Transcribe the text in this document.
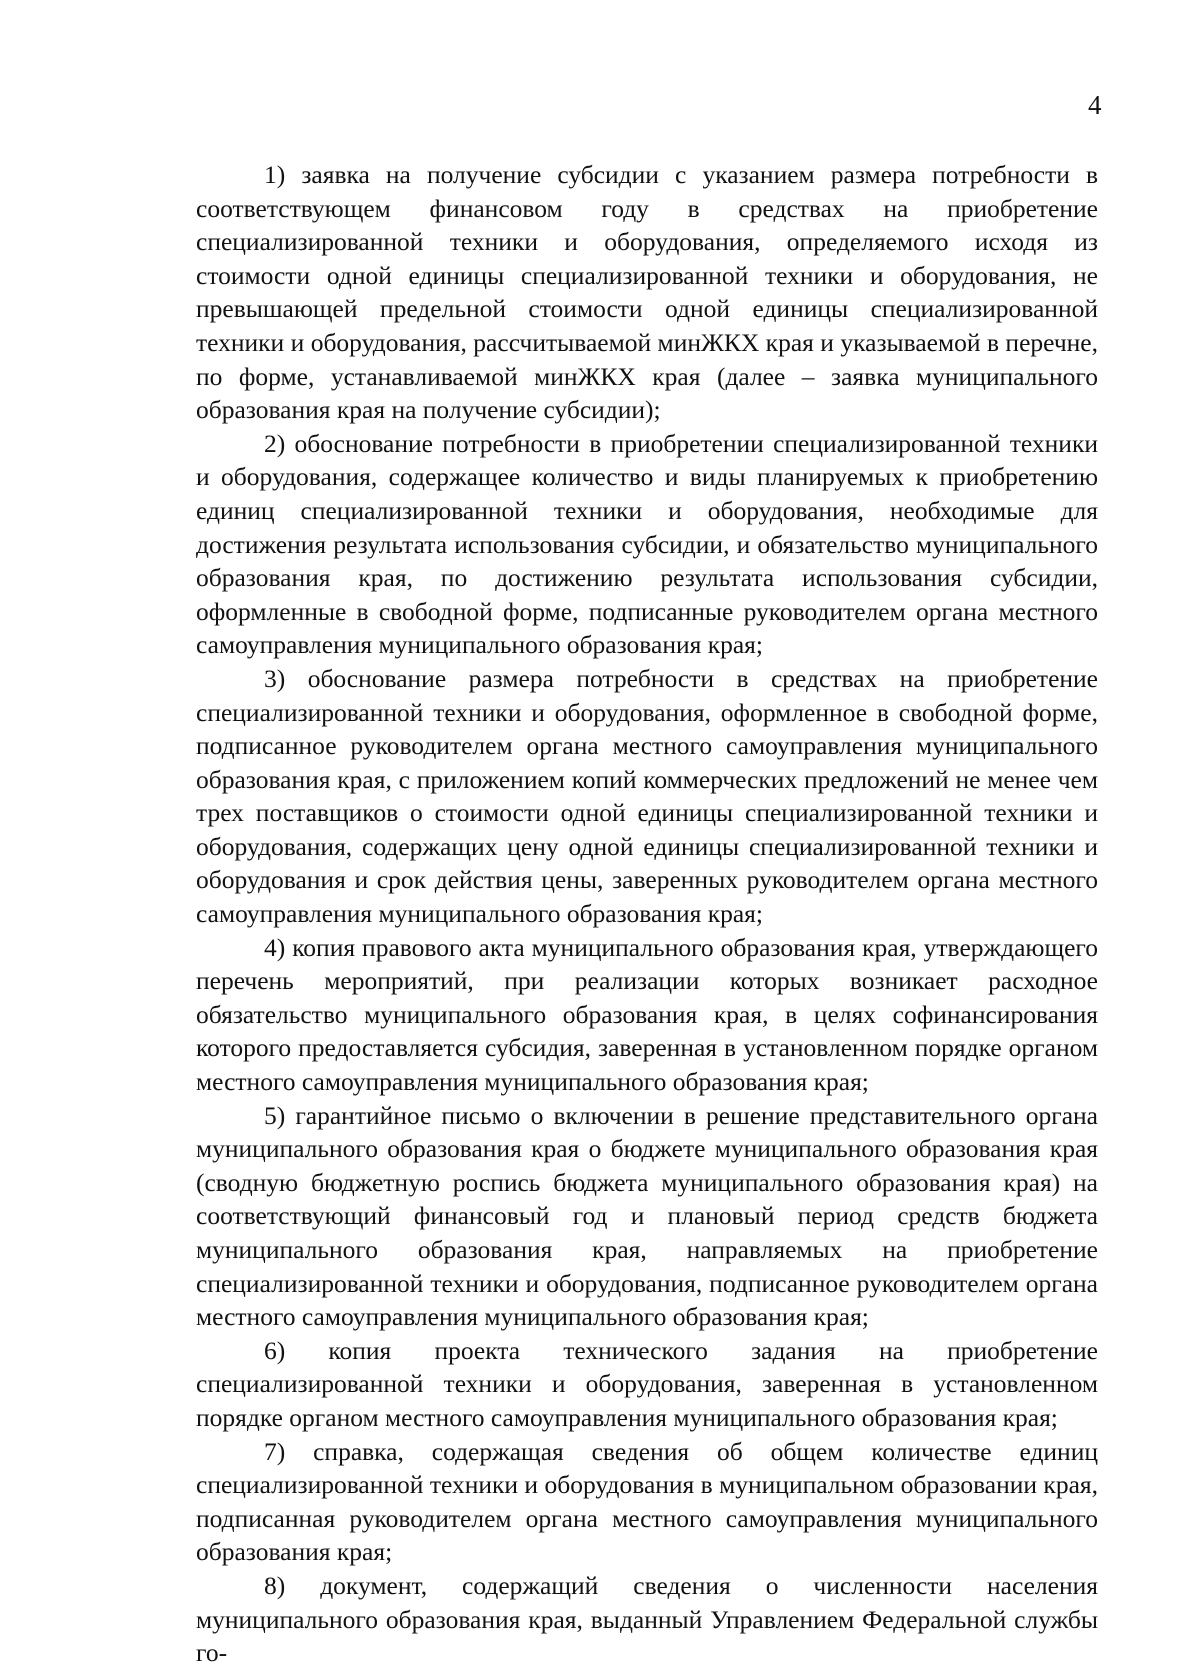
4

1) заявка на получение субсидии с указанием размера потребности в соответствующем финансовом году в средствах на приобретение специализированной техники и оборудования, определяемого исходя из стоимости одной единицы специализированной техники и оборудования, не превышающей предельной стоимости одной единицы специализированной техники и оборудования, рассчитываемой минЖКХ края и указываемой в перечне, по форме, устанавливаемой минЖКХ края (далее – заявка муниципального образования края на получение субсидии);

2) обоснование потребности в приобретении специализированной техники и оборудования, содержащее количество и виды планируемых к приобретению единиц специализированной техники и оборудования, необходимые для достижения результата использования субсидии, и обязательство муниципального образования края, по достижению результата использования субсидии, оформленные в свободной форме, подписанные руководителем органа местного самоуправления муниципального образования края;

3) обоснование размера потребности в средствах на приобретение специализированной техники и оборудования, оформленное в свободной форме, подписанное руководителем органа местного самоуправления муниципального образования края, с приложением копий коммерческих предложений не менее чем трех поставщиков о стоимости одной единицы специализированной техники и оборудования, содержащих цену одной единицы специализированной техники и оборудования и срок действия цены, заверенных руководителем органа местного самоуправления муниципального образования края;

4) копия правового акта муниципального образования края, утверждающего перечень мероприятий, при реализации которых возникает расходное обязательство муниципального образования края, в целях софинансирования которого предоставляется субсидия, заверенная в установленном порядке органом местного самоуправления муниципального образования края;

5) гарантийное письмо о включении в решение представительного органа муниципального образования края о бюджете муниципального образования края (сводную бюджетную роспись бюджета муниципального образования края) на соответствующий финансовый год и плановый период средств бюджета муниципального образования края, направляемых на приобретение специализированной техники и оборудования, подписанное руководителем органа местного самоуправления муниципального образования края;

6) копия проекта технического задания на приобретение специализированной техники и оборудования, заверенная в установленном порядке органом местного самоуправления муниципального образования края;

7) справка, содержащая сведения об общем количестве единиц специализированной техники и оборудования в муниципальном образовании края, подписанная руководителем органа местного самоуправления муниципального образования края;

8) документ, содержащий сведения о численности населения муниципального образования края, выданный Управлением Федеральной службы го-
